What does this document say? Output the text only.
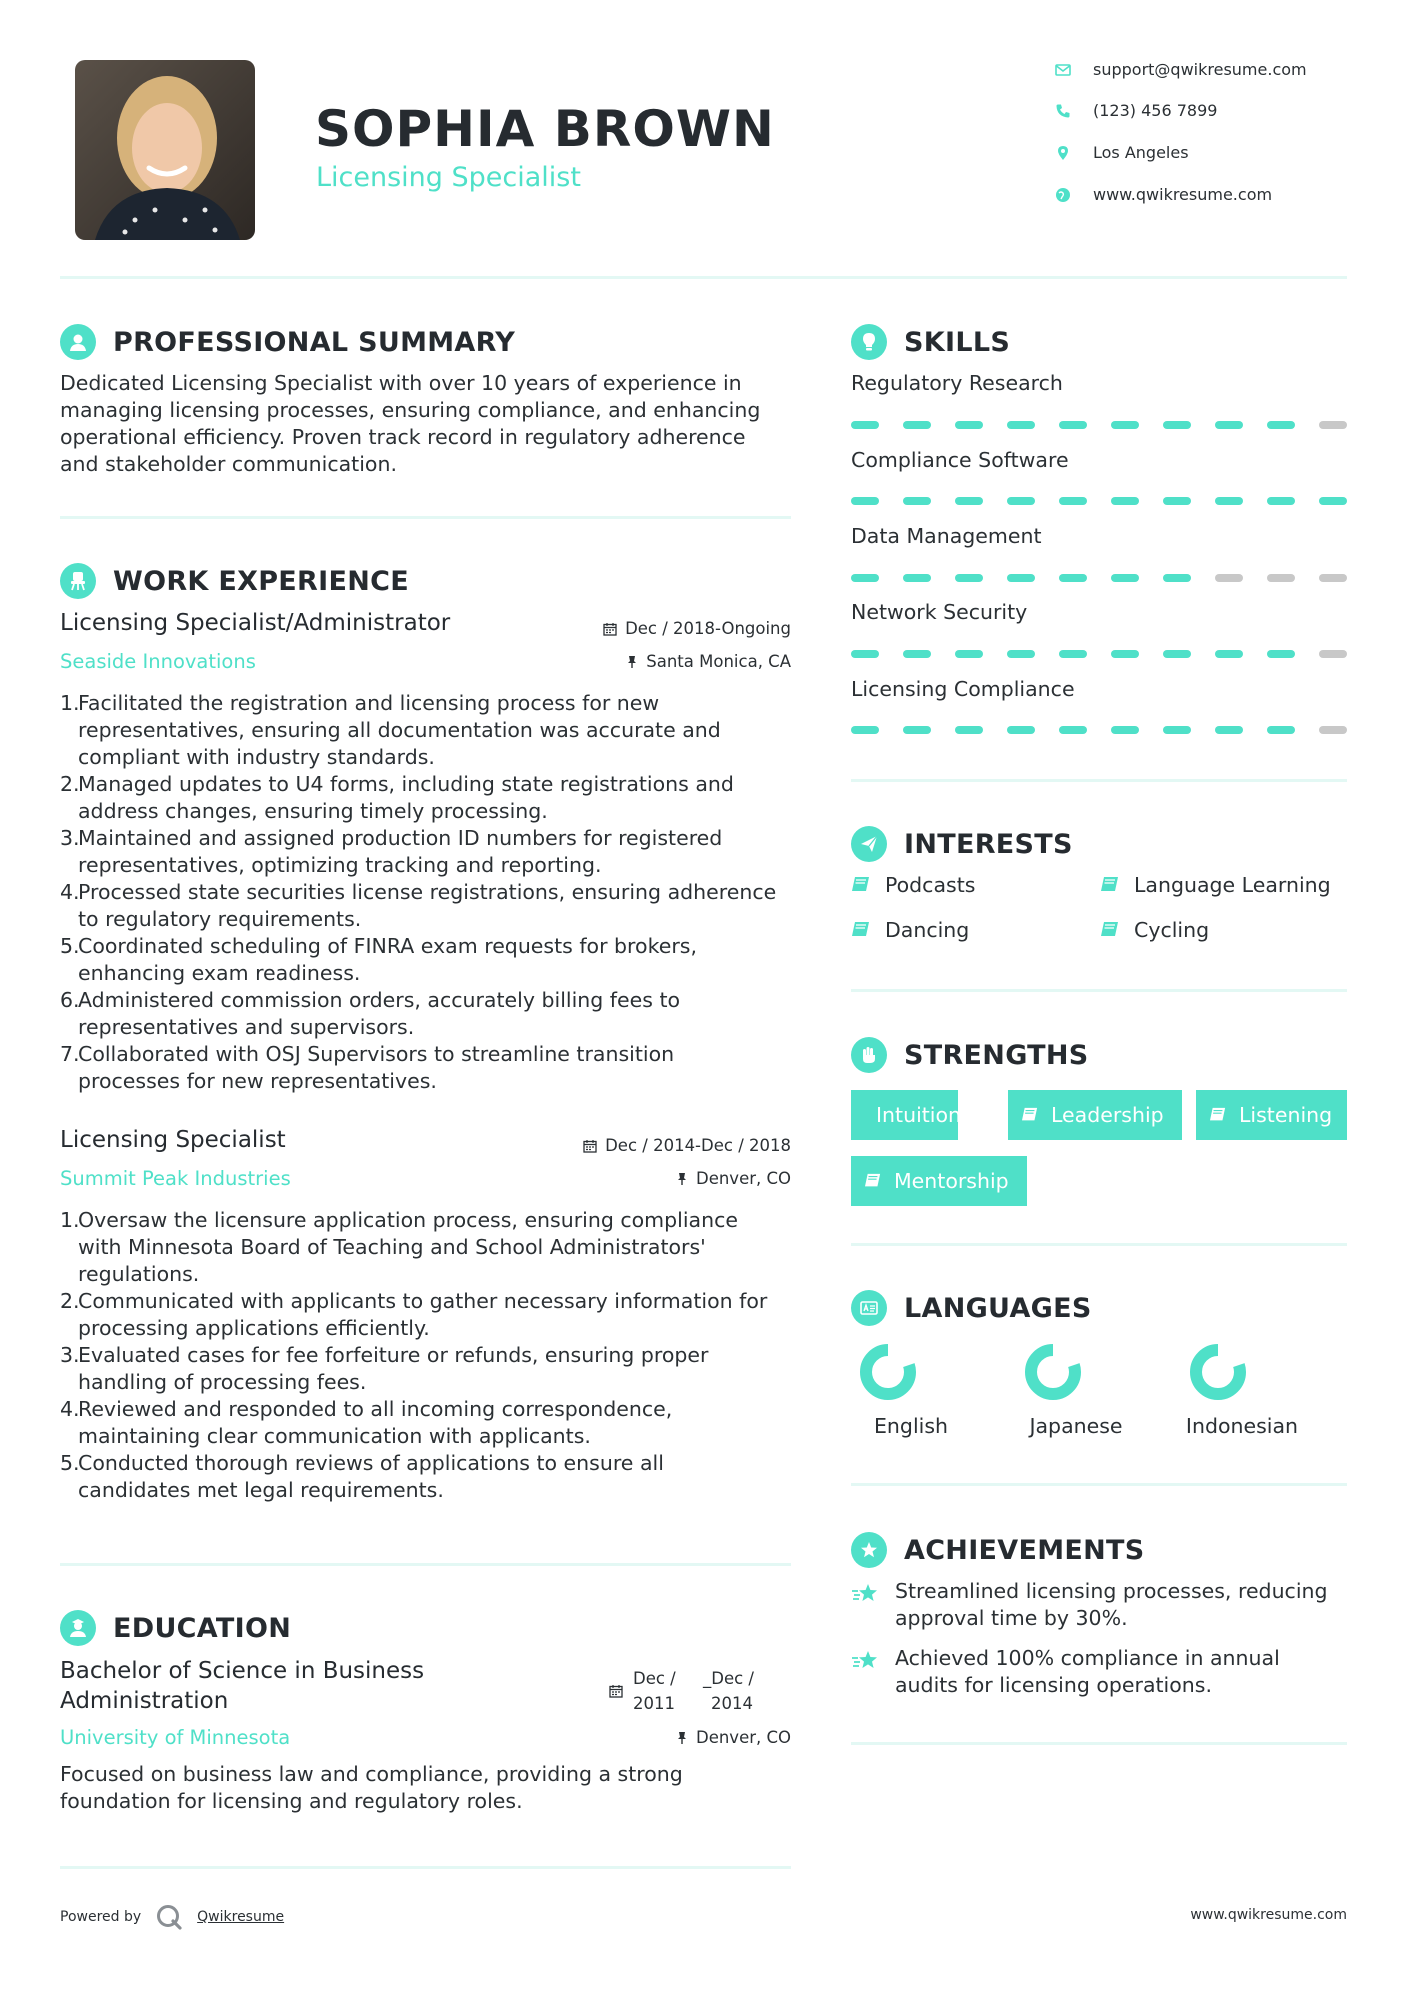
SOPHIA BROWN
Licensing Specialist
support@qwikresume.com
(123) 456 7899
Los Angeles
www.qwikresume.com
PROFESSIONAL SUMMARY
Dedicated Licensing Specialist with over 10 years of experience in
managing licensing processes, ensuring compliance, and enhancing
operational efficiency. Proven track record in regulatory adherence
and stakeholder communication.
WORK EXPERIENCE
Licensing Specialist/Administrator	Dec / 2018-Ongoing
Seaside Innovations	Santa Monica, CA
1.
Facilitated the registration and licensing process for new
representatives, ensuring all documentation was accurate and
compliant with industry standards.
2.
Managed updates to U4 forms, including state registrations and
address changes, ensuring timely processing.
3.
Maintained and assigned production ID numbers for registered
representatives, optimizing tracking and reporting.
4.
Processed state securities license registrations, ensuring adherence
to regulatory requirements.
5.
Coordinated scheduling of FINRA exam requests for brokers,
enhancing exam readiness.
6.
Administered commission orders, accurately billing fees to
representatives and supervisors.
7.
Collaborated with OSJ Supervisors to streamline transition
processes for new representatives.
Licensing Specialist	Dec / 2014-Dec / 2018
Summit Peak Industries	Denver, CO
1.
Oversaw the licensure application process, ensuring compliance
with Minnesota Board of Teaching and School Administrators'
regulations.
2.
Communicated with applicants to gather necessary information for
processing applications efficiently.
3.
Evaluated cases for fee forfeiture or refunds, ensuring proper
handling of processing fees.
4.
Reviewed and responded to all incoming correspondence,
maintaining clear communication with applicants.
5.
Conducted thorough reviews of applications to ensure all
candidates met legal requirements.
EDUCATION
Bachelor of Science in Business
Administration
Dec /
2011
_Dec /
2014
University of Minnesota	Denver, CO
Focused on business law and compliance, providing a strong
foundation for licensing and regulatory roles.
SKILLS
Regulatory Research
Compliance Software
Data Management
Network Security
Licensing Compliance
INTERESTS
Podcasts	Language Learning
Dancing	Cycling
STRENGTHS
Intuition	Leadership	Listening
Mentorship
LANGUAGES
English	Japanese	Indonesian
ACHIEVEMENTS
Streamlined licensing processes, reducing
approval time by 30%.
Achieved 100% compliance in annual
audits for licensing operations.
Powered by	Qwikresume	www.qwikresume.com
